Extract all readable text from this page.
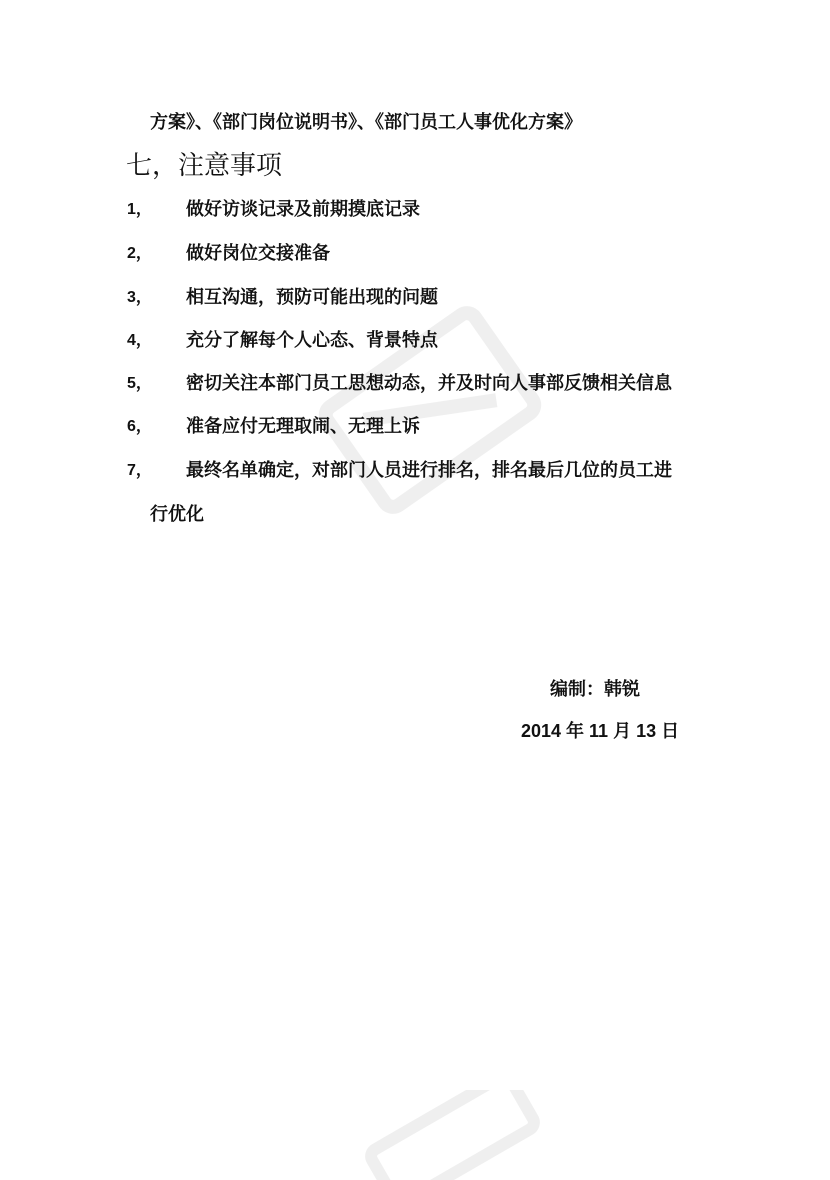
方案》、《部门岗位说明书》、《部门员工人事优化方案》
七，注意事项
1， 做好访谈记录及前期摸底记录
2， 做好岗位交接准备
3， 相互沟通，预防可能出现的问题
4， 充分了解每个人心态、背景特点
5， 密切关注本部门员工思想动态，并及时向人事部反馈相关信息
6， 准备应付无理取闹、无理上诉
7， 最终名单确定，对部门人员进行排名，排名最后几位的员工进
行优化
编制：韩锐
2014 年 11 月 13 日
